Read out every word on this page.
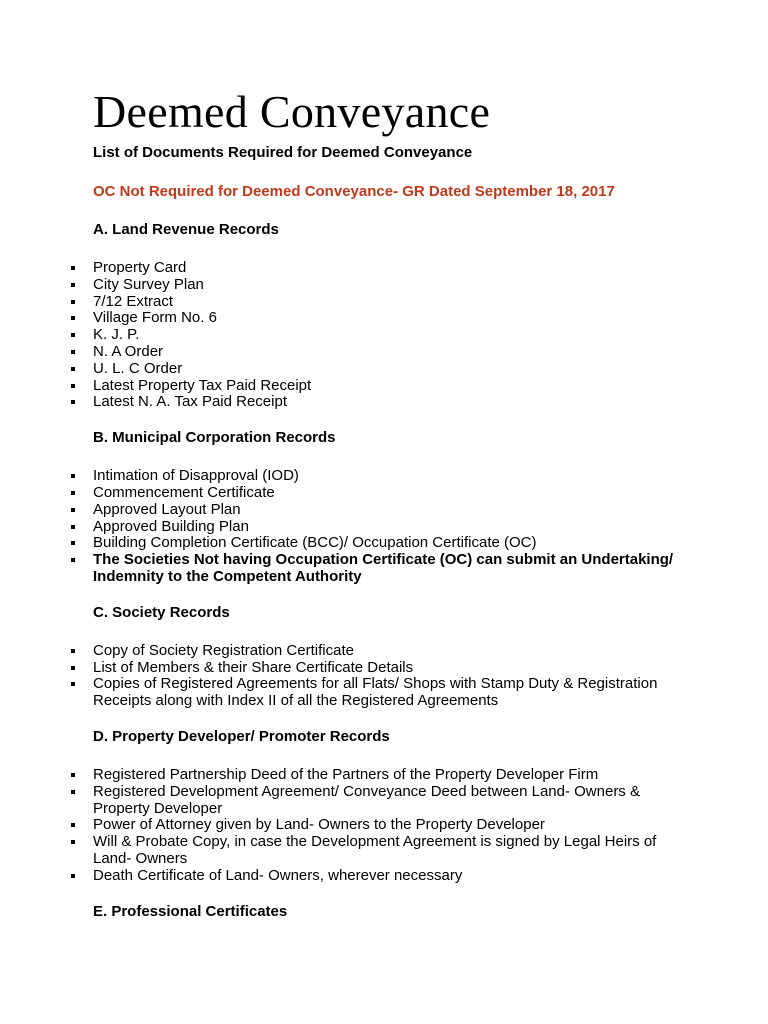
Deemed Conveyance
List of Documents Required for Deemed Conveyance
OC Not Required for Deemed Conveyance- GR Dated September 18, 2017
A. Land Revenue Records
Property Card
City Survey Plan
7/12 Extract
Village Form No. 6
K. J. P.
N. A Order
U. L. C Order
Latest Property Tax Paid Receipt
Latest N. A. Tax Paid Receipt
B. Municipal Corporation Records
Intimation of Disapproval (IOD)
Commencement Certificate
Approved Layout Plan
Approved Building Plan
Building Completion Certificate (BCC)/ Occupation Certificate (OC)
The Societies Not having Occupation Certificate (OC) can submit an Undertaking/ Indemnity to the Competent Authority
C. Society Records
Copy of Society Registration Certificate
List of Members & their Share Certificate Details
Copies of Registered Agreements for all Flats/ Shops with Stamp Duty & Registration Receipts along with Index II of all the Registered Agreements
D. Property Developer/ Promoter Records
Registered Partnership Deed of the Partners of the Property Developer Firm
Registered Development Agreement/ Conveyance Deed between Land- Owners & Property Developer
Power of Attorney given by Land- Owners to the Property Developer
Will & Probate Copy, in case the Development Agreement is signed by Legal Heirs of Land- Owners
Death Certificate of Land- Owners, wherever necessary
E. Professional Certificates
